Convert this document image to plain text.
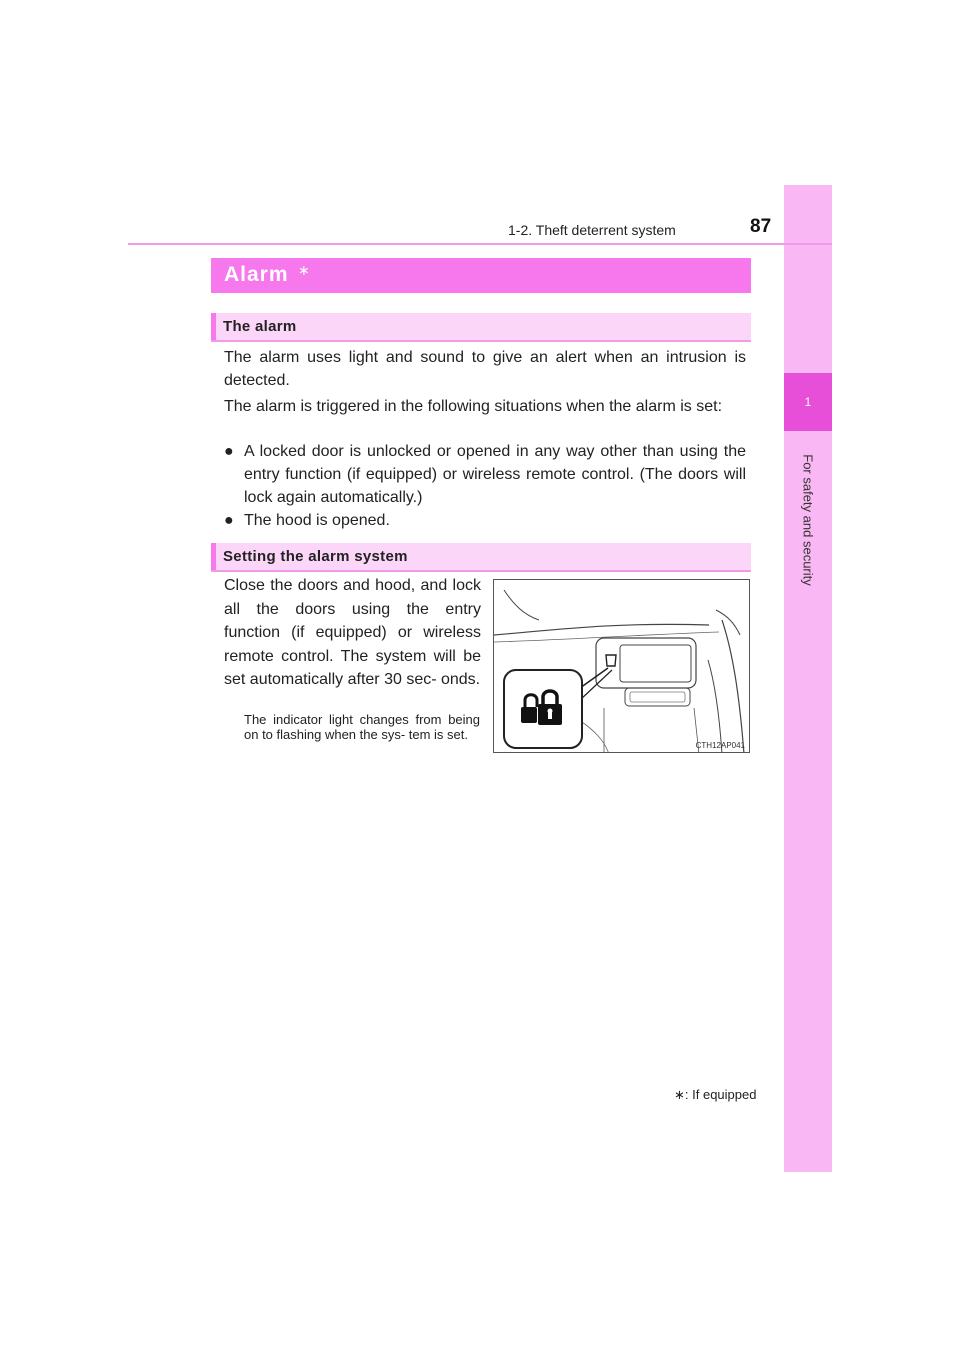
1
For safety and security
1-2. Theft deterrent system	87
Alarm ∗
The alarm
The alarm uses light and sound to give an alert when an intrusion is detected.
The alarm is triggered in the following situations when the alarm is set:
● A locked door is unlocked or opened in any way other than using the entry function (if equipped) or wireless remote control. (The doors will lock again automatically.)
● The hood is opened.
Setting the alarm system
Close the doors and hood, and lock all the doors using the entry function (if equipped) or wireless remote control. The system will be set automatically after 30 sec- onds.
The indicator light changes from being on to flashing when the sys- tem is set.
CTH12AP041
∗: If equipped
